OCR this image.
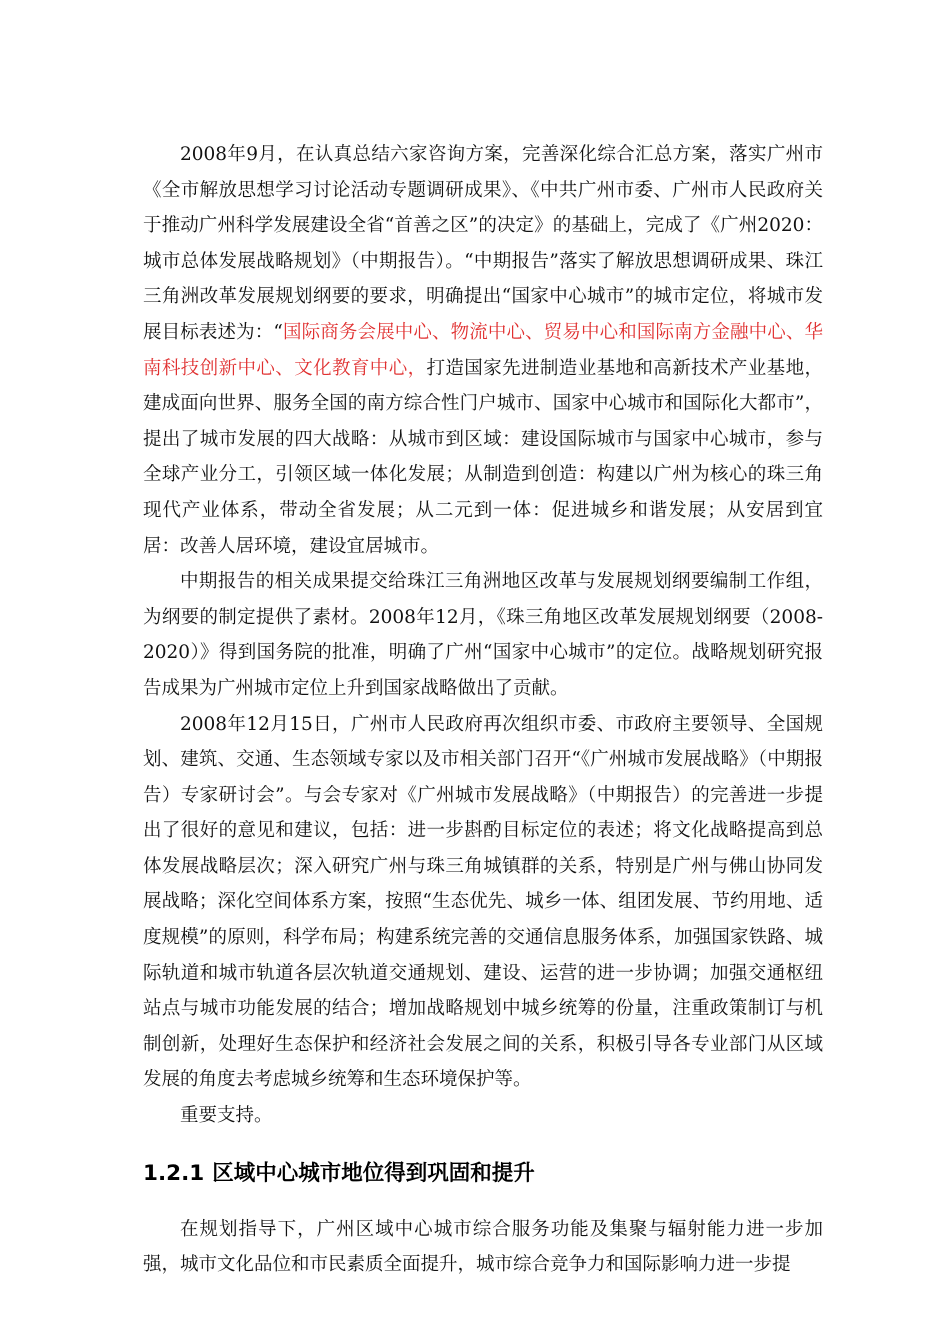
2008年9月，在认真总结六家咨询方案，完善深化综合汇总方案，落实广州市《全市解放思想学习讨论活动专题调研成果》、《中共广州市委、广州市人民政府关于推动广州科学发展建设全省“首善之区”的决定》的基础上，完成了《广州2020：城市总体发展战略规划》（中期报告）。“中期报告”落实了解放思想调研成果、珠江三角洲改革发展规划纲要的要求，明确提出“国家中心城市”的城市定位，将城市发展目标表述为：“国际商务会展中心、物流中心、贸易中心和国际南方金融中心、华南科技创新中心、文化教育中心，打造国家先进制造业基地和高新技术产业基地，建成面向世界、服务全国的南方综合性门户城市、国家中心城市和国际化大都市”，提出了城市发展的四大战略：从城市到区域：建设国际城市与国家中心城市，参与全球产业分工，引领区域一体化发展；从制造到创造：构建以广州为核心的珠三角现代产业体系，带动全省发展；从二元到一体：促进城乡和谐发展；从安居到宜居：改善人居环境，建设宜居城市。

中期报告的相关成果提交给珠江三角洲地区改革与发展规划纲要编制工作组，为纲要的制定提供了素材。2008年12月，《珠三角地区改革发展规划纲要（2008-2020）》得到国务院的批准，明确了广州“国家中心城市”的定位。战略规划研究报告成果为广州城市定位上升到国家战略做出了贡献。

2008年12月15日，广州市人民政府再次组织市委、市政府主要领导、全国规划、建筑、交通、生态领域专家以及市相关部门召开“《广州城市发展战略》（中期报告）专家研讨会”。与会专家对《广州城市发展战略》（中期报告）的完善进一步提出了很好的意见和建议，包括：进一步斟酌目标定位的表述；将文化战略提高到总体发展战略层次；深入研究广州与珠三角城镇群的关系，特别是广州与佛山协同发展战略；深化空间体系方案，按照“生态优先、城乡一体、组团发展、节约用地、适度规模”的原则，科学布局；构建系统完善的交通信息服务体系，加强国家铁路、城际轨道和城市轨道各层次轨道交通规划、建设、运营的进一步协调；加强交通枢纽站点与城市功能发展的结合；增加战略规划中城乡统筹的份量，注重政策制订与机制创新，处理好生态保护和经济社会发展之间的关系，积极引导各专业部门从区域发展的角度去考虑城乡统筹和生态环境保护等。

重要支持。

1.2.1 区域中心城市地位得到巩固和提升

在规划指导下，广州区域中心城市综合服务功能及集聚与辐射能力进一步加强，城市文化品位和市民素质全面提升，城市综合竞争力和国际影响力进一步提
